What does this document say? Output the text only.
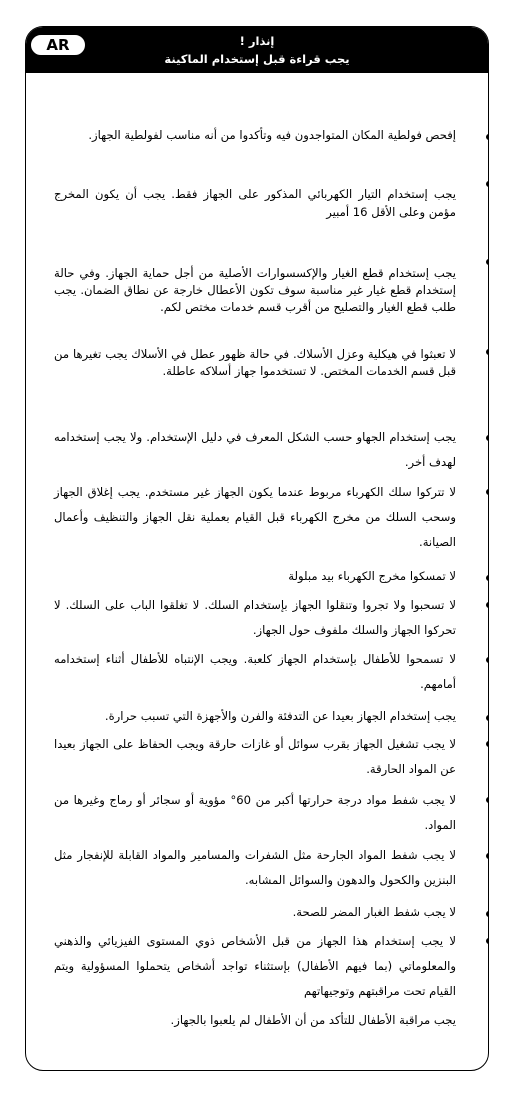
إنذار !
يجب قراءة قبل إستخدام الماكينة
إفحص فولطية المكان المتواجدون فيه وتأكدوا من أنه مناسب لفولطية الجهاز.
يجب إستخدام التيار الكهربائي المذكور على الجهاز فقط. يجب أن يكون المخرج مؤمن وعلى الأقل 16 أمبير
يجب إستخدام قطع الغيار والإكسسوارات الأصلية من أجل حماية الجهاز. وفي حالة إستخدام قطع غيار غير مناسبة سوف تكون الأعطال خارجة عن نطاق الضمان. يجب طلب قطع الغيار والتصليح من أقرب قسم خدمات مختص لكم.
لا تعبثوا في هيكلية وعزل الأسلاك. في حالة ظهور عطل في الأسلاك يجب تغيرها من قبل قسم الخدمات المختص. لا تستخدموا جهاز أسلاكه عاطلة.
يجب إستخدام الجهاو حسب الشكل المعرف في دليل الإستخدام. ولا يجب إستخدامه لهدف أخر.
لا تتركوا سلك الكهرباء مربوط عندما يكون الجهاز غير مستخدم. يجب إغلاق الجهاز وسحب السلك من مخرج الكهرباء قبل القيام بعملية نقل الجهاز والتنظيف وأعمال الصيانة.
لا تمسكوا مخرج الكهرباء بيد مبلولة
لا تسحبوا ولا تجروا وتنقلوا الجهاز بإستخدام السلك. لا تغلقوا الباب على السلك. لا تحركوا الجهاز والسلك ملفوف حول الجهاز.
لا تسمحوا للأطفال بإستخدام الجهاز كلعبة. ويجب الإنتباه للأطفال أثناء إستخدامه أمامهم.
يجب إستخدام الجهاز بعيدا عن التدفئة والفرن والأجهزة التي تسبب حرارة.
لا يجب تشغيل الجهاز بقرب سوائل أو غازات حارقة ويجب الحفاظ على الجهاز بعيدا عن المواد الحارقة.
لا يجب شفط مواد درجة حرارتها أكبر من 60° مؤوية أو سجائر أو رماج وغيرها من المواد.
لا يجب شفط المواد الجارحة مثل الشفرات والمسامير والمواد القابلة للإنفجار مثل البنزين والكحول والدهون والسوائل المشابه.
لا يجب شفط الغبار المضر للصحة.
لا يجب إستخدام هذا الجهاز من قبل الأشخاص ذوي المستوى الفيزيائي والذهني والمعلوماتي (بما فيهم الأطفال) بإستثناء تواجد أشخاص يتحملوا المسؤولية ويتم القيام تحت مراقبتهم وتوجيهاتهم
يجب مراقبة الأطفال للتأكد من أن الأطفال لم يلعبوا بالجهاز.
AR
